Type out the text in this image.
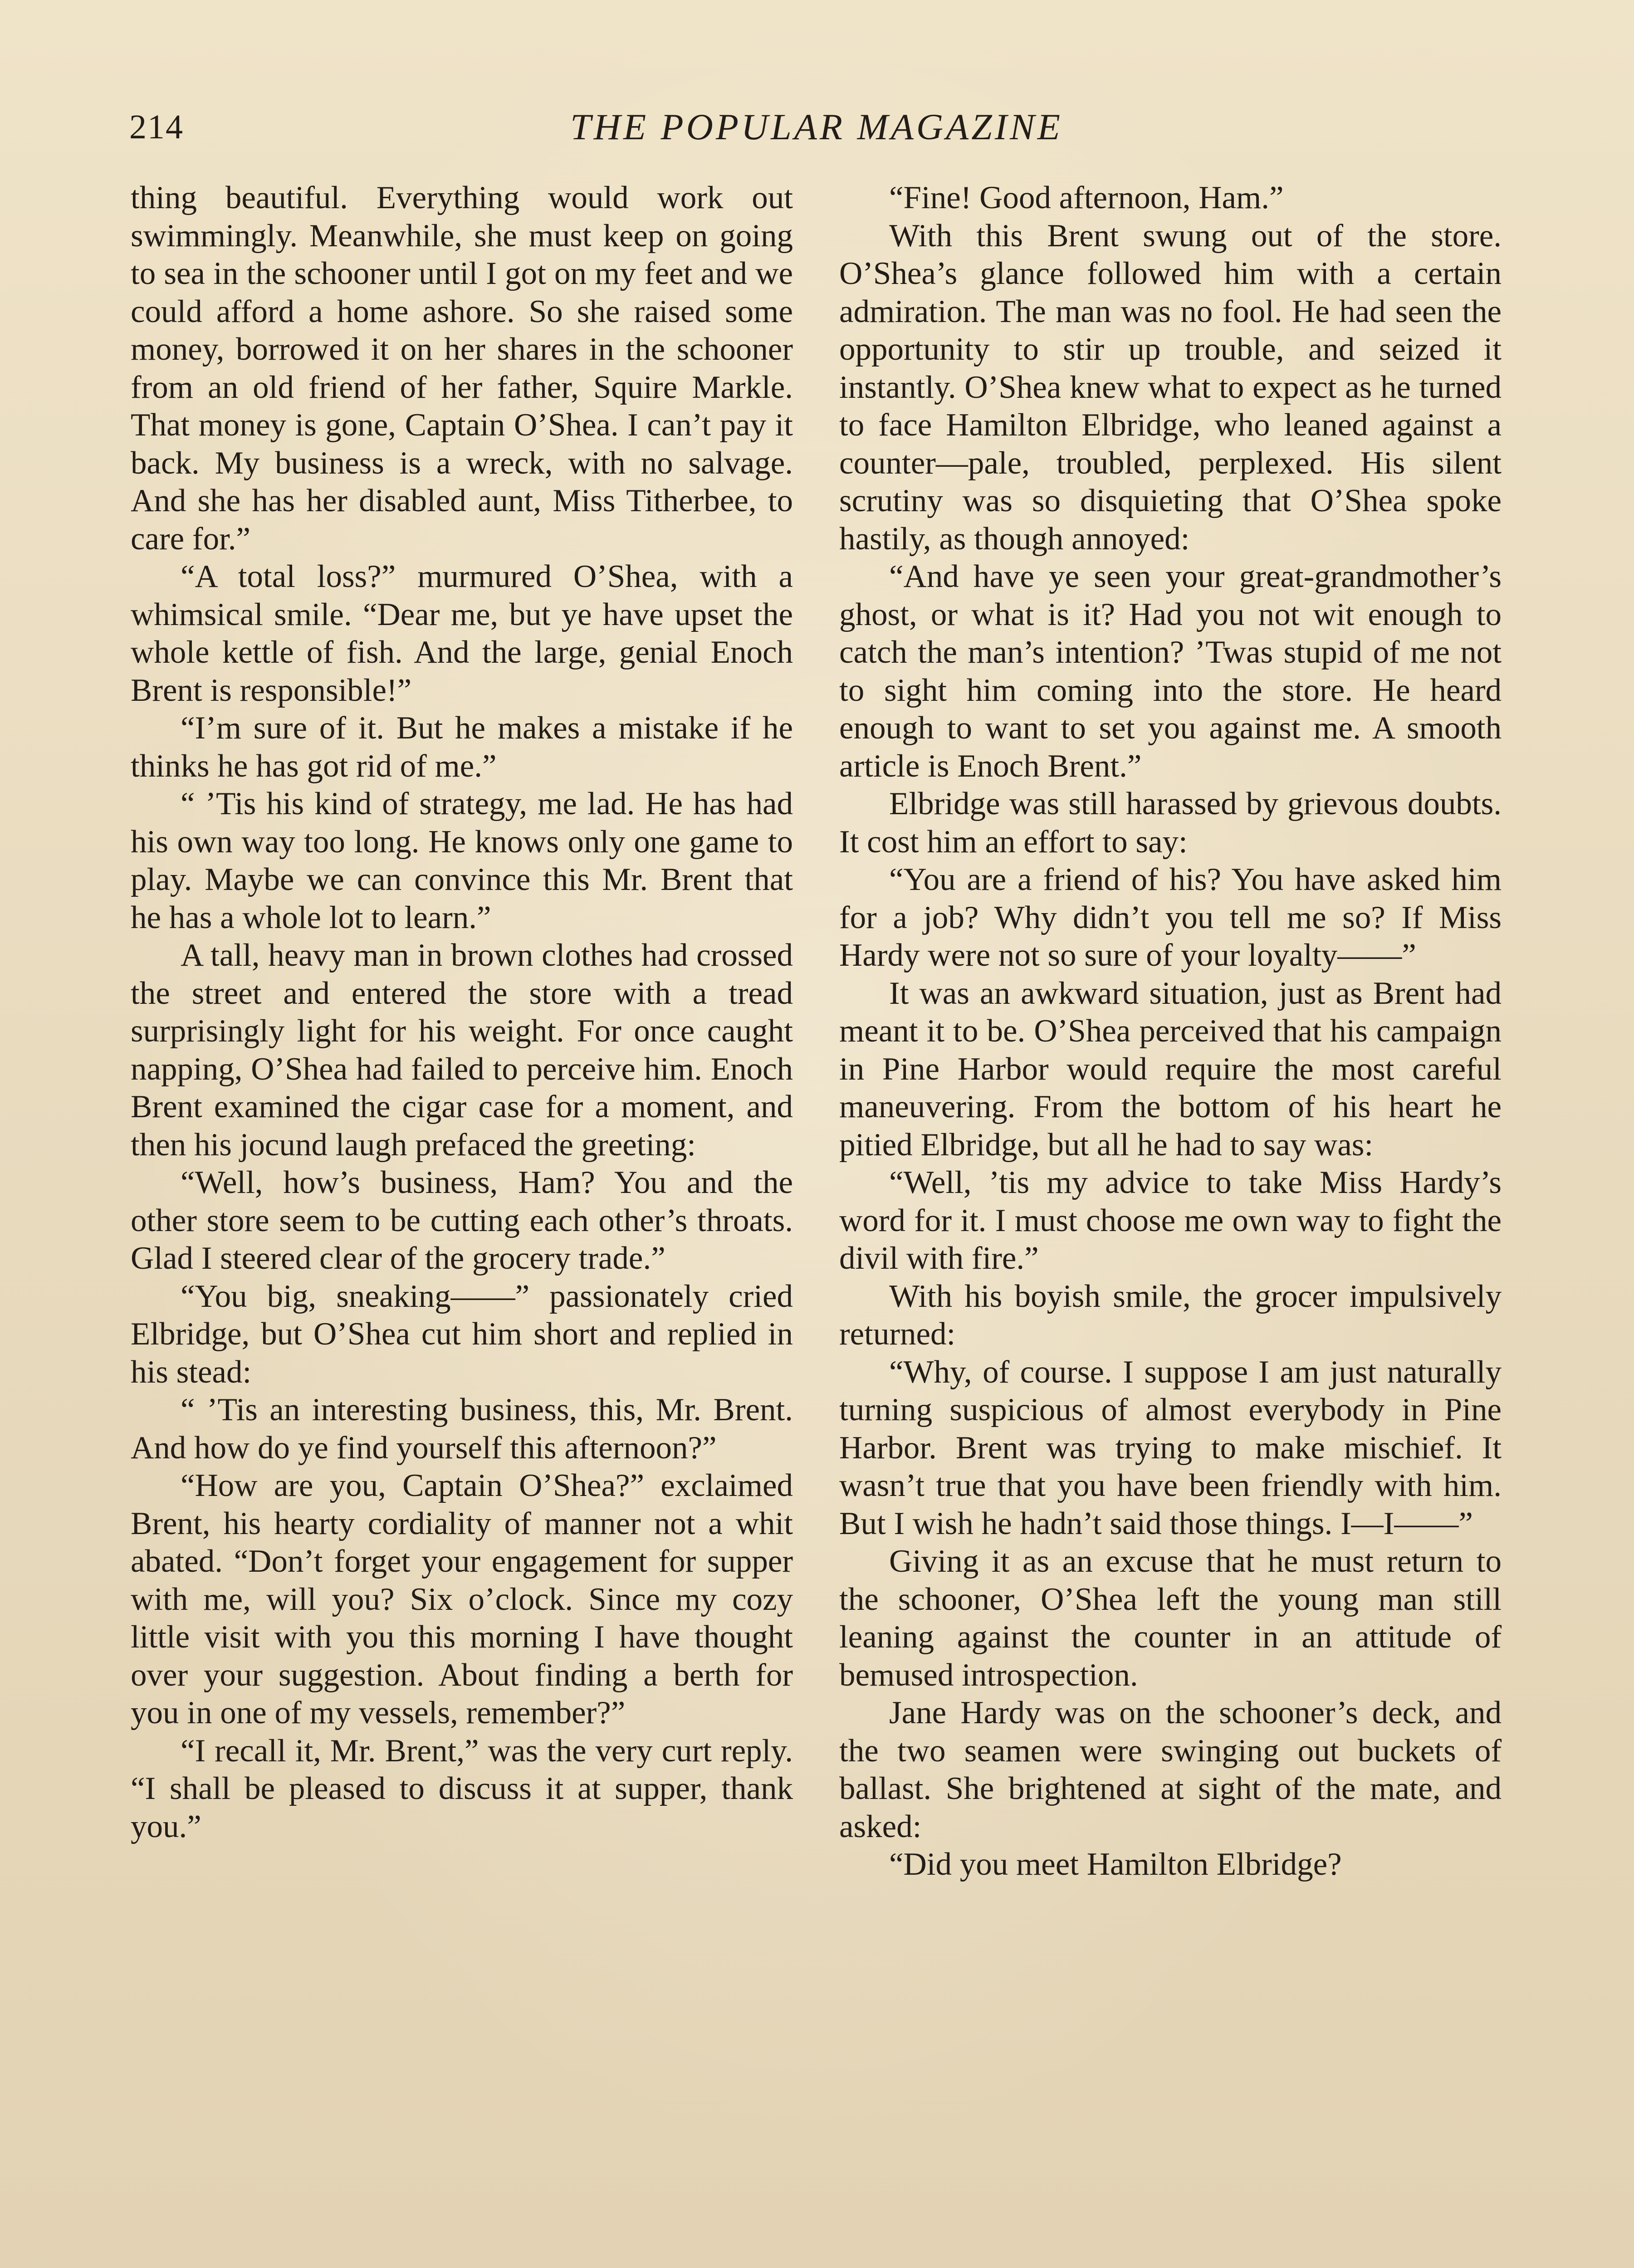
214	THE POPULAR MAGAZINE

thing beautiful. Everything would work out swimmingly. Meanwhile, she must keep on going to sea in the schooner until I got on my feet and we could afford a home ashore. So she raised some money, borrowed it on her shares in the schooner from an old friend of her father, Squire Markle. That money is gone, Captain O’Shea. I can’t pay it back. My business is a wreck, with no salvage. And she has her disabled aunt, Miss Titherbee, to care for.”

“A total loss?” murmured O’Shea, with a whimsical smile. “Dear me, but ye have upset the whole kettle of fish. And the large, genial Enoch Brent is responsible!”

“I’m sure of it. But he makes a mistake if he thinks he has got rid of me.”

“ ’Tis his kind of strategy, me lad. He has had his own way too long. He knows only one game to play. Maybe we can convince this Mr. Brent that he has a whole lot to learn.”

A tall, heavy man in brown clothes had crossed the street and entered the store with a tread surprisingly light for his weight. For once caught napping, O’Shea had failed to perceive him. Enoch Brent examined the cigar case for a moment, and then his jocund laugh prefaced the greeting:

“Well, how’s business, Ham? You and the other store seem to be cutting each other’s throats. Glad I steered clear of the grocery trade.”

“You big, sneaking——” passionately cried Elbridge, but O’Shea cut him short and replied in his stead:

“ ’Tis an interesting business, this, Mr. Brent. And how do ye find yourself this afternoon?”

“How are you, Captain O’Shea?” exclaimed Brent, his hearty cordiality of manner not a whit abated. “Don’t forget your engagement for supper with me, will you? Six o’clock. Since my cozy little visit with you this morning I have thought over your suggestion. About finding a berth for you in one of my vessels, remember?”

“I recall it, Mr. Brent,” was the very curt reply. “I shall be pleased to discuss it at supper, thank you.”

“Fine! Good afternoon, Ham.”

With this Brent swung out of the store. O’Shea’s glance followed him with a certain admiration. The man was no fool. He had seen the opportunity to stir up trouble, and seized it instantly. O’Shea knew what to expect as he turned to face Hamilton Elbridge, who leaned against a counter—pale, troubled, perplexed. His silent scrutiny was so disquieting that O’Shea spoke hastily, as though annoyed:

“And have ye seen your great-grandmother’s ghost, or what is it? Had you not wit enough to catch the man’s intention? ’Twas stupid of me not to sight him coming into the store. He heard enough to want to set you against me. A smooth article is Enoch Brent.”

Elbridge was still harassed by grievous doubts. It cost him an effort to say:

“You are a friend of his? You have asked him for a job? Why didn’t you tell me so? If Miss Hardy were not so sure of your loyalty——”

It was an awkward situation, just as Brent had meant it to be. O’Shea perceived that his campaign in Pine Harbor would require the most careful maneuvering. From the bottom of his heart he pitied Elbridge, but all he had to say was:

“Well, ’tis my advice to take Miss Hardy’s word for it. I must choose me own way to fight the divil with fire.”

With his boyish smile, the grocer impulsively returned:

“Why, of course. I suppose I am just naturally turning suspicious of almost everybody in Pine Harbor. Brent was trying to make mischief. It wasn’t true that you have been friendly with him. But I wish he hadn’t said those things. I—I——”

Giving it as an excuse that he must return to the schooner, O’Shea left the young man still leaning against the counter in an attitude of bemused introspection.

Jane Hardy was on the schooner’s deck, and the two seamen were swinging out buckets of ballast. She brightened at sight of the mate, and asked:

“Did you meet Hamilton Elbridge?
